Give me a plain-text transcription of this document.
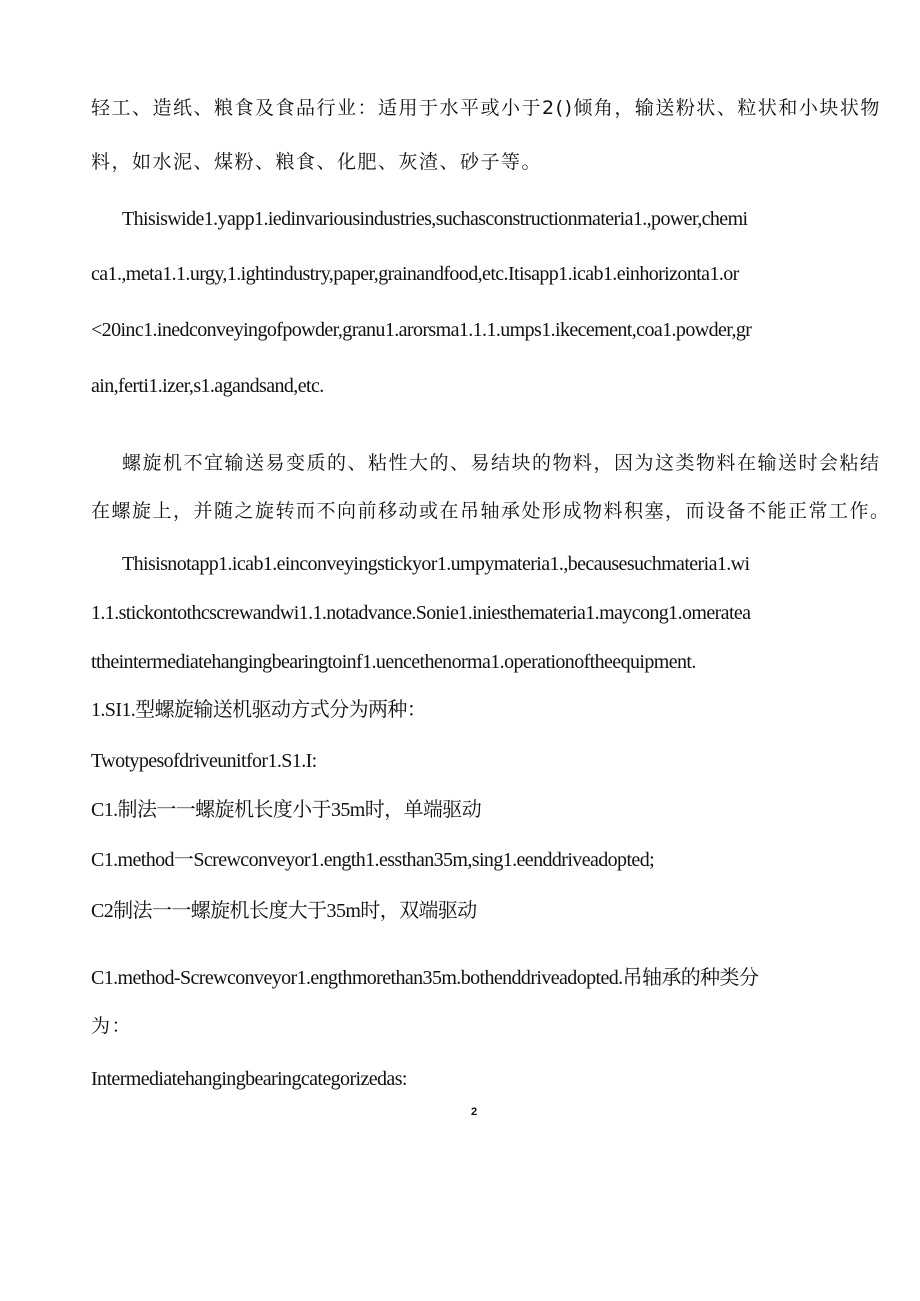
轻工、造纸、粮食及食品行业：适用于水平或小于2()倾角，输送粉状、粒状和小块状物
料，如水泥、煤粉、粮食、化肥、灰渣、砂子等。
Thisiswide1.yapp1.iedinvariousindustries,suchasconstructionmateria1.,power,chemi
ca1.,meta1.1.urgy,1.ightindustry,paper,grainandfood,etc.Itisapp1.icab1.einhorizonta1.or
<20inc1.inedconveyingofpowder,granu1.arorsma1.1.1.umps1.ikecement,coa1.powder,gr
ain,ferti1.izer,s1.agandsand,etc.
螺旋机不宜输送易变质的、粘性大的、易结块的物料，因为这类物料在输送时会粘结
在螺旋上，并随之旋转而不向前移动或在吊轴承处形成物料积塞，而设备不能正常工作。
Thisisnotapp1.icab1.einconveyingstickyor1.umpymateria1.,becausesuchmateria1.wi
1.1.stickontothcscrewandwi1.1.notadvance.Sonie1.iniesthemateria1.maycong1.omeratea
ttheintermediatehangingbearingtoinf1.uencethenorma1.operationoftheequipment.
1.SI1.型螺旋输送机驱动方式分为两种：
Twotypesofdriveunitfor1.S1.I:
C1.制法一一螺旋机长度小于35m时，单端驱动
C1.method一Screwconveyor1.ength1.essthan35m,sing1.eenddriveadopted;
C2制法一一螺旋机长度大于35m时，双端驱动
C1.method-Screwconveyor1.engthmorethan35m.bothenddriveadopted.吊轴承的种类分
为：
Intermediatehangingbearingcategorizedas:
2
